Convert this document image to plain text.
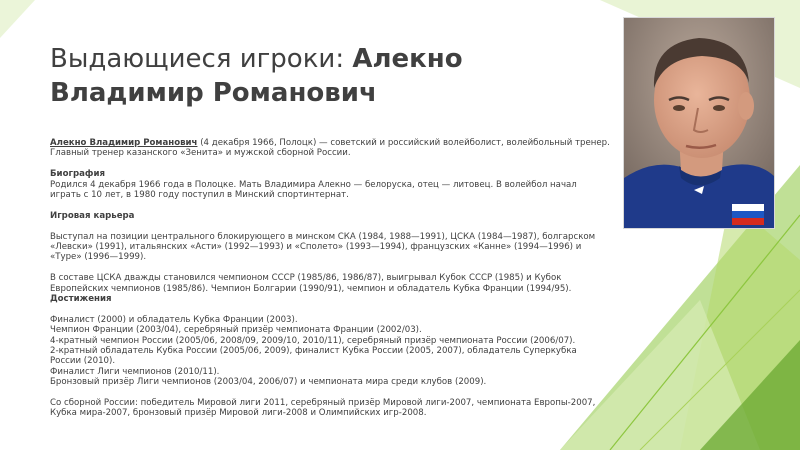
Выдающиеся игроки: Алекно
Владимир Романович

Алекно Владимир Романович (4 декабря 1966, Полоцк) — советский и российский волейболист, волейбольный тренер. Главный тренер казанского «Зенита» и мужской сборной России.

Биография

Родился 4 декабря 1966 года в Полоцке. Мать Владимира Алекно — белоруска, отец — литовец. В волейбол начал играть с 10 лет, в 1980 году поступил в Минский спортинтернат.

Игровая карьера

Выступал на позиции центрального блокирующего в минском СКА (1984, 1988—1991), ЦСКА (1984—1987), болгарском «Левски» (1991), итальянских «Асти» (1992—1993) и «Сполето» (1993—1994), французских «Канне» (1994—1996) и «Туре» (1996—1999).

В составе ЦСКА дважды становился чемпионом СССР (1985/86, 1986/87), выигрывал Кубок СССР (1985) и Кубок Европейских чемпионов (1985/86). Чемпион Болгарии (1990/91), чемпион и обладатель Кубка Франции (1994/95). Достижения

Финалист (2000) и обладатель Кубка Франции (2003).

Чемпион Франции (2003/04), серебряный призёр чемпионата Франции (2002/03).

4-кратный чемпион России (2005/06, 2008/09, 2009/10, 2010/11), серебряный призёр чемпионата России (2006/07).

2-кратный обладатель Кубка России (2005/06, 2009), финалист Кубка России (2005, 2007), обладатель Суперкубка России (2010).

Финалист Лиги чемпионов (2010/11).

Бронзовый призёр Лиги чемпионов (2003/04, 2006/07) и чемпионата мира среди клубов (2009).

Со сборной России: победитель Мировой лиги 2011, серебряный призёр Мировой лиги-2007, чемпионата Европы-2007, Кубка мира-2007, бронзовый призёр Мировой лиги-2008 и Олимпийских игр-2008.
